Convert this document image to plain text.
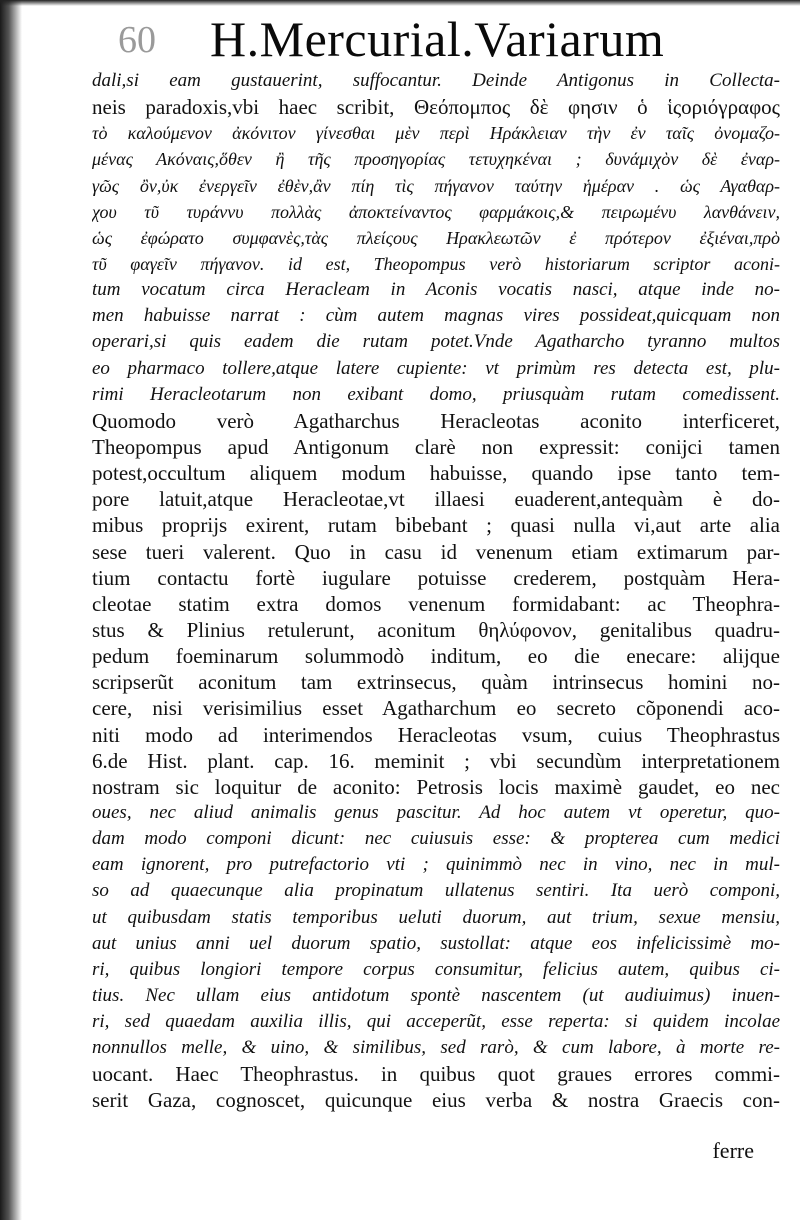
60 H.Mercurial.Variarum
dali,si eam gustauerint, suffocantur. Deinde Antigonus in Collecta-
neis paradoxis,vbi haec scribit, Θεόπομπος δὲ φησιν ὁ ἱςοριόγραφος
τὸ καλούμενον ἀκόνιτον γίνεσθαι μὲν περὶ Ηράκλειαν τὴν ἐν ταῖς ὀνομαζο-
μένας Ακόναις,ὅθεν ἢ τῆς προσηγορίας τετυχηκέναι ; δυνάμιχὸν δὲ ἐναρ-
γῶς ὂν,ὐκ ἐνεργεῖν ἐθὲν,ἂν πίη τὶς πήγανον ταύτην ἡμέραν . ὡς Αγαθαρ-
χου τῦ τυράννυ πολλὰς ἀποκτείναντος φαρμάκοις,& πειρωμένυ λανθάνειν,
ὡς ἐφώρατο συμφανὲς,τὰς πλείςους Ηρακλεωτῶν ἐ πρότερον ἐξιέναι,πρὸ
τῦ φαγεῖν πήγανον. id est, Theopompus verò historiarum scriptor aconi-
tum vocatum circa Heracleam in Aconis vocatis nasci, atque inde no-
men habuisse narrat : cùm autem magnas vires possideat,quicquam non
operari,si quis eadem die rutam potet.Vnde Agatharcho tyranno multos
eo pharmaco tollere,atque latere cupiente: vt primùm res detecta est, plu-
rimi Heracleotarum non exibant domo, priusquàm rutam comedissent.
Quomodo verò Agatharchus Heracleotas aconito interficeret,
Theopompus apud Antigonum clarè non expressit: conijci tamen
potest,occultum aliquem modum habuisse, quando ipse tanto tem-
pore latuit,atque Heracleotae,vt illaesi euaderent,antequàm è do-
mibus proprijs exirent, rutam bibebant ; quasi nulla vi,aut arte alia
sese tueri valerent. Quo in casu id venenum etiam extimarum par-
tium contactu fortè iugulare potuisse crederem, postquàm Hera-
cleotae statim extra domos venenum formidabant: ac Theophra-
stus & Plinius retulerunt, aconitum θηλύφονον, genitalibus quadru-
pedum foeminarum solummodò inditum, eo die enecare: alijque
scripserũt aconitum tam extrinsecus, quàm intrinsecus homini no-
cere, nisi verisimilius esset Agatharchum eo secreto cõponendi aco-
niti modo ad interimendos Heracleotas vsum, cuius Theophrastus
6.de Hist. plant. cap. 16. meminit ; vbi secundùm interpretationem
nostram sic loquitur de aconito: Petrosis locis maximè gaudet, eo nec
oues, nec aliud animalis genus pascitur. Ad hoc autem vt operetur, quo-
dam modo componi dicunt: nec cuiusuis esse: & propterea cum medici
eam ignorent, pro putrefactorio vti ; quinimmò nec in vino, nec in mul-
so ad quaecunque alia propinatum ullatenus sentiri. Ita uerò componi,
ut quibusdam statis temporibus ueluti duorum, aut trium, sexue mensiu,
aut unius anni uel duorum spatio, sustollat: atque eos infelicissimè mo-
ri, quibus longiori tempore corpus consumitur, felicius autem, quibus ci-
tius. Nec ullam eius antidotum spontè nascentem (ut audiuimus) inuen-
ri, sed quaedam auxilia illis, qui acceperũt, esse reperta: si quidem incolae
nonnullos melle, & uino, & similibus, sed rarò, & cum labore, à morte re-
uocant. Haec Theophrastus. in quibus quot graues errores commi-
serit Gaza, cognoscet, quicunque eius verba & nostra Graecis con-
ferre
